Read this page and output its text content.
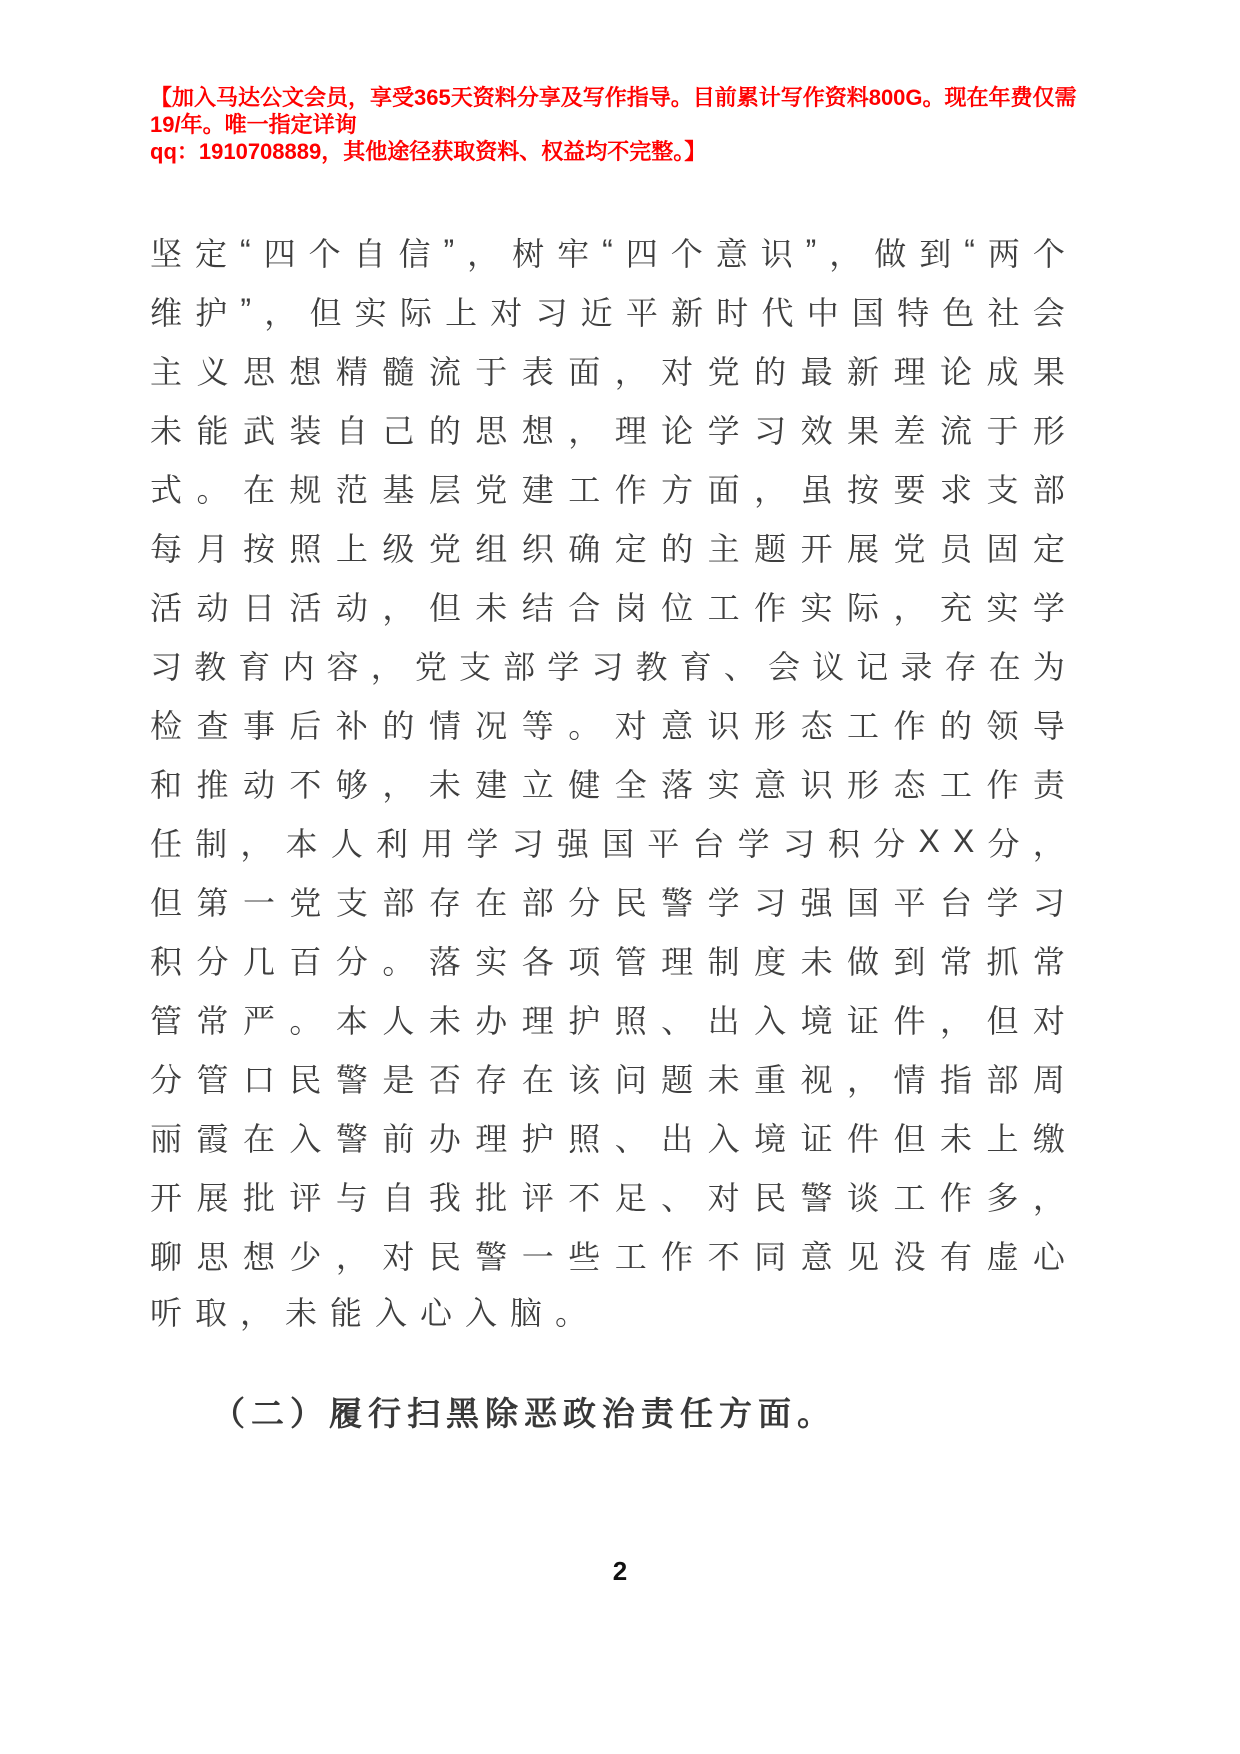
【加入马达公文会员，享受365天资料分享及写作指导。目前累计写作资料800G。现在年费仅需19/年。唯一指定详询
qq：1910708889，其他途径获取资料、权益均不完整。】
坚 定 “ 四 个 自 信 ” ， 树 牢 “ 四 个 意 识 ” ， 做 到 “ 两 个
维 护 ” ， 但 实 际 上 对 习 近 平 新 时 代 中 国 特 色 社 会
主 义 思 想 精 髓 流 于 表 面 ， 对 党 的 最 新 理 论 成 果
未 能 武 装 自 己 的 思 想 ， 理 论 学 习 效 果 差 流 于 形
式 。 在 规 范 基 层 党 建 工 作 方 面 ， 虽 按 要 求 支 部
每 月 按 照 上 级 党 组 织 确 定 的 主 题 开 展 党 员 固 定
活 动 日 活 动 ， 但 未 结 合 岗 位 工 作 实 际 ， 充 实 学
习 教 育 内 容 ， 党 支 部 学 习 教 育 、 会 议 记 录 存 在 为
检 查 事 后 补 的 情 况 等 。 对 意 识 形 态 工 作 的 领 导
和 推 动 不 够 ， 未 建 立 健 全 落 实 意 识 形 态 工 作 责
任 制 ， 本 人 利 用 学 习 强 国 平 台 学 习 积 分 X X 分 ，
但 第 一 党 支 部 存 在 部 分 民 警 学 习 强 国 平 台 学 习
积 分 几 百 分 。 落 实 各 项 管 理 制 度 未 做 到 常 抓 常
管 常 严 。 本 人 未 办 理 护 照 、 出 入 境 证 件 ， 但 对
分 管 口 民 警 是 否 存 在 该 问 题 未 重 视 ， 情 指 部 周
丽 霞 在 入 警 前 办 理 护 照 、 出 入 境 证 件 但 未 上 缴
开 展 批 评 与 自 我 批 评 不 足 、 对 民 警 谈 工 作 多 ，
聊 思 想 少 ， 对 民 警 一 些 工 作 不 同 意 见 没 有 虚 心
听取，未能入心入脑。
（二）履行扫黑除恶政治责任方面。
2
